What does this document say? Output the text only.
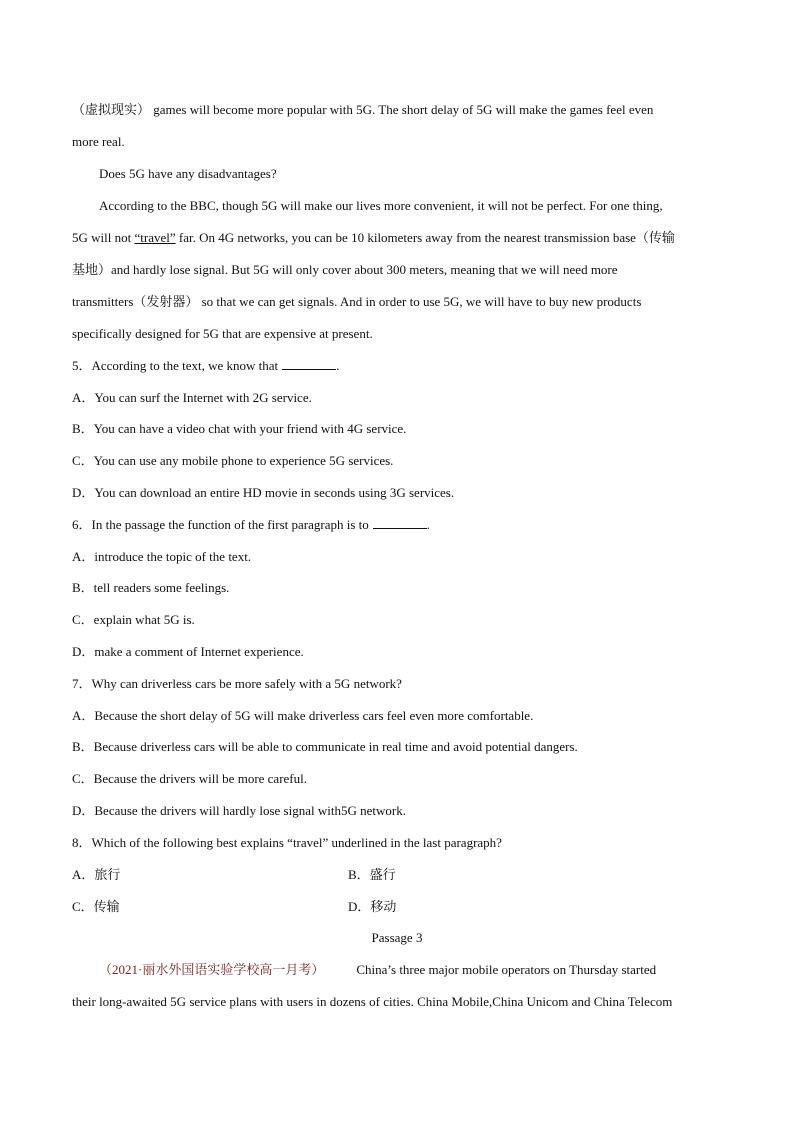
（虚拟现实） games will become more popular with 5G. The short delay of 5G will make the games feel even
more real.
Does 5G have any disadvantages?
According to the BBC, though 5G will make our lives more convenient, it will not be perfect. For one thing,
5G will not “travel” far. On 4G networks, you can be 10 kilometers away from the nearest transmission base（传输
基地）and hardly lose signal. But 5G will only cover about 300 meters, meaning that we will need more
transmitters（发射器） so that we can get signals. And in order to use 5G, we will have to buy new products
specifically designed for 5G that are expensive at present.
5．According to the text, we know that	.
A．You can surf the Internet with 2G service.
B．You can have a video chat with your friend with 4G service.
C．You can use any mobile phone to experience 5G services.
D．You can download an entire HD movie in seconds using 3G services.
6．In the passage the function of the first paragraph is to	.
A．introduce the topic of the text.
B．tell readers some feelings.
C．explain what 5G is.
D．make a comment of Internet experience.
7．Why can driverless cars be more safely with a 5G network?
A．Because the short delay of 5G will make driverless cars feel even more comfortable.
B．Because driverless cars will be able to communicate in real time and avoid potential dangers.
C．Because the drivers will be more careful.
D．Because the drivers will hardly lose signal with5G network.
8．Which of the following best explains “travel” underlined in the last paragraph?
A．旅行	B．盛行
C．传输	D．移动
Passage 3
（2021·丽水外国语实验学校高一月考） China’s three major mobile operators on Thursday started
their long-awaited 5G service plans with users in dozens of cities. China Mobile,China Unicom and China Telecom
